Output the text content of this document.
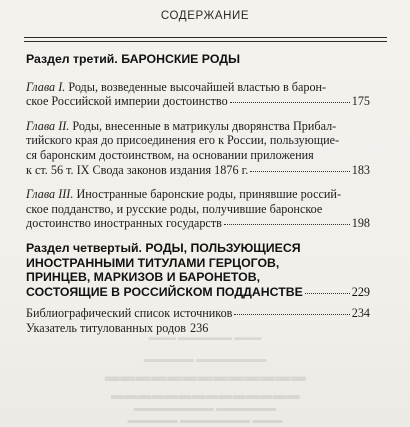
СОДЕРЖАНИЕ
Раздел третий. БАРОНСКИЕ РОДЫ
Глава I. Роды, возведенные высочайшей властью в барон-
ское Российской империи достоинство	175
Глава II. Роды, внесенные в матрикулы дворянства Прибал-
тийского края до присоединения его к России, пользующие-
ся баронским достоинством, на основании приложения
к ст. 56 т. IX Свода законов издания 1876 г.	183
Глава III. Иностранные баронские роды, принявшие россий-
ское подданство, и русские роды, получившие баронское
достоинство иностранных государств	198
Раздел четвертый. РОДЫ, ПОЛЬЗУЮЩИЕСЯ
ИНОСТРАННЫМИ ТИТУЛАМИ ГЕРЦОГОВ,
ПРИНЦЕВ, МАРКИЗОВ И БАРОНЕТОВ,
СОСТОЯЩИЕ В РОССИЙСКОМ ПОДДАНСТВЕ	229
Библиографический список источников	234
Указатель титулованных родов 236
▬▬▬ ▬▬▬▬▬▬ ▬▬▬
▬▬▬▬▬▬▬ ▬▬▬▬▬
▬▬▬▬▬▬▬▬▬▬▬▬▬
▬▬▬▬▬▬▬▬▬▬▬▬▬▬
▬▬▬▬▬▬ ▬▬▬▬▬▬▬▬
▬▬▬ ▬▬▬▬▬▬▬ ▬▬▬▬▬
